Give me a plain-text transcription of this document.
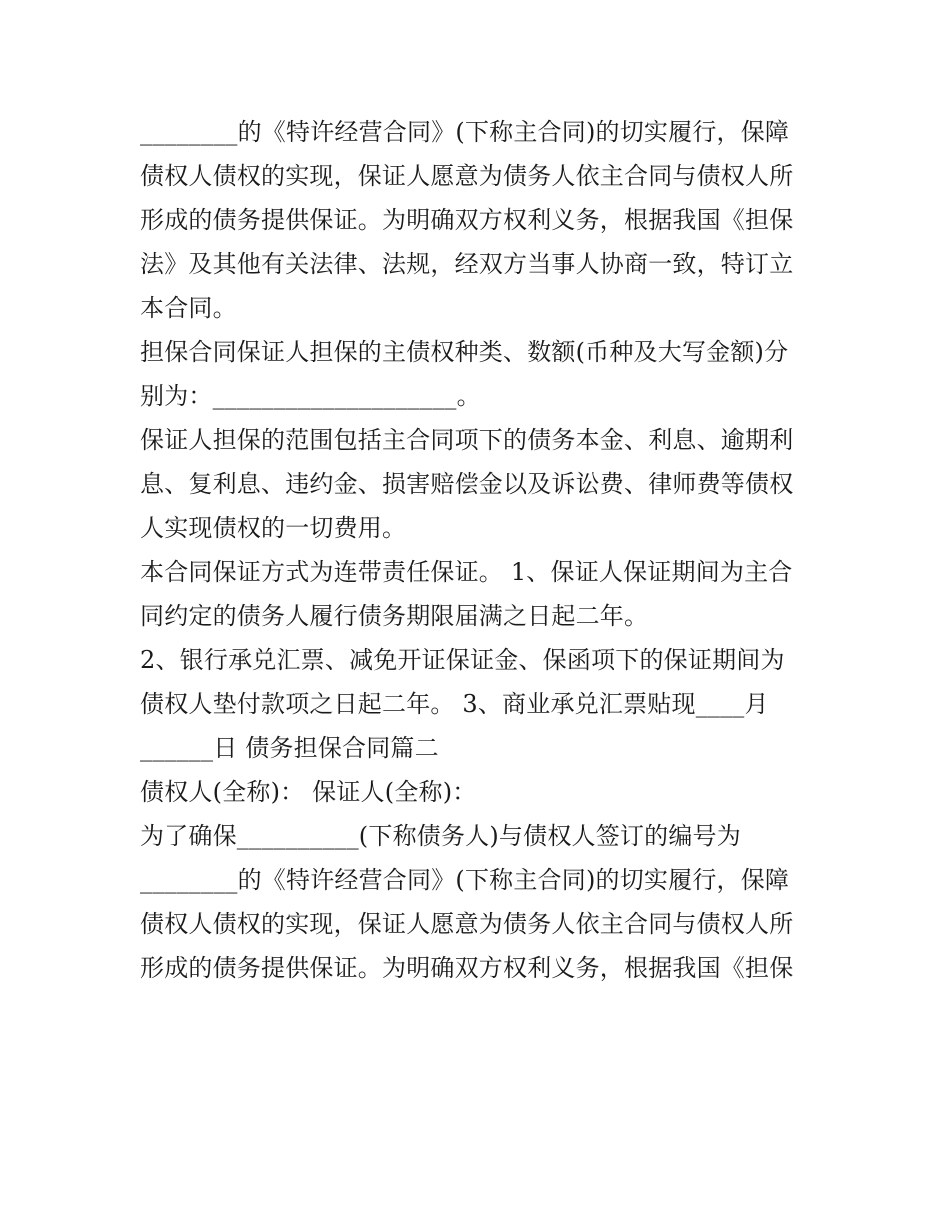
________的《特许经营合同》(下称主合同)的切实履行，保障
债权人债权的实现，保证人愿意为债务人依主合同与债权人所
形成的债务提供保证。为明确双方权利义务，根据我国《担保
法》及其他有关法律、法规，经双方当事人协商一致，特订立
本合同。
担保合同保证人担保的主债权种类、数额(币种及大写金额)分
别为：____________________。
保证人担保的范围包括主合同项下的债务本金、利息、逾期利
息、复利息、违约金、损害赔偿金以及诉讼费、律师费等债权
人实现债权的一切费用。
本合同保证方式为连带责任保证。 1、保证人保证期间为主合
同约定的债务人履行债务期限届满之日起二年。
2、银行承兑汇票、减免开证保证金、保函项下的保证期间为
债权人垫付款项之日起二年。 3、商业承兑汇票贴现____月
______日 债务担保合同篇二
债权人(全称)： 保证人(全称)：
为了确保__________(下称债务人)与债权人签订的编号为
________的《特许经营合同》(下称主合同)的切实履行，保障
债权人债权的实现，保证人愿意为债务人依主合同与债权人所
形成的债务提供保证。为明确双方权利义务，根据我国《担保
